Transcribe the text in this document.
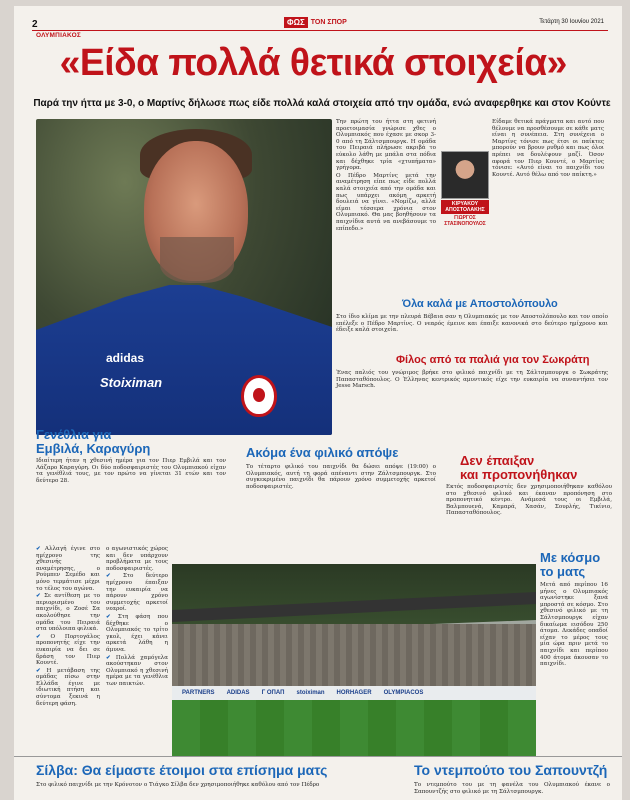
2	ΦΩΣ ΤΟΝ ΣΠΟΡ	Τετάρτη 30 Ιουνίου 2021
ΟΛΥΜΠΙΑΚΟΣ
«Είδα πολλά θετικά στοιχεία»
Παρά την ήττα με 3-0, ο Μαρτίνς δήλωσε πως είδε πολλά καλά στοιχεία από την ομάδα, ενώ αναφερθηκε και στον Κούντε
adidas
Stoiximan

Την πρώτη του ήττα στη φετινή προετοιμασία γνώρισε χθες ο Ολυμπιακός που έχασε με σκορ 3-0 από τη Σάλτσμπουργκ. Η ομάδα του Πειραιά πλήρωσε ακριβά το εύκολο λάθη με μπάλα στα πόδια και δέχθηκε τρία «χτυπήματα» γρήγορα.

Ο Πέδρο Μαρτίνς μετά την αναμέτρηση είπε πως είδε πολλά καλά στοιχεία από την ομάδα και πως υπάρχει ακόμη αρκετή δουλειά να γίνει. «Νομίζω, αλλά είμαι τέσσερα χρόνια στον Ολυμπιακό. Θα μας βοηθήσουν τα παιχνίδια αυτά να ανεβάσουμε το επίπεδο.»

ΚΙΡΥΑΚΟΥ ΑΠΟΣΤΟΛΑΚΗΣ
ΓΙΩΡΓΟΣ ΣΤΑΣΙΝΟΠΟΥΛΟΣ

Είδαμε θετικά πράγματα και αυτό που θέλουμε να προσθέσουμε σε κάθε ματς είναι η συνέπεια. Στη συνέχεια ο Μαρτίνς τόνισε πως έτσι οι παίκτες μπορούν να βρουν ρυθμό και πως όλοι πρέπει να δουλέψουν μαζί. Όσον αφορά τον Πιερ Κουντέ, ο Μαρτίνς τόνισε: «Αυτό είναι το παιχνίδι του Κουντέ. Αυτό θέλω από τον παίκτη.»

Όλα καλά με Αποστολόπουλο
Στο ίδιο κλίμα με την πλευρά Βέβαια σαν η Ολυμπιακός με τον Αποστολόπουλο και τον οποίο επέλεξε ο Πέδρο Μαρτίνς. Ο νεαρός έμεινε και έπαιξε κανονικά στο δεύτερο ημίχρονο και έδειξε καλά στοιχεία.
Φίλος από τα παλιά για τον Σωκράτη
Ένας παλιός του γνώριμος βρήκε στο φιλικό παιχνίδι με τη Σάλτσμπουργκ ο Σωκράτης Παπασταθόπουλος. Ο Έλληνας κεντρικός αμυντικός είχε την ευκαιρία να συναντήσει τον Jesse Marsch.
Γενέθλια για
Εμβιλά, Καραγύρη
Ιδιαίτερη ήταν η χθεσινή ημέρα για τον Πιερ Εμβιλά και τον Λάζαρο Καραγύρη. Οι δύο ποδοσφαιριστές του Ολυμπιακού είχαν τα γενέθλιά τους, με τον πρώτο να γίνεται 31 ετών και τον δεύτερο 28.
Ακόμα ένα φιλικό απόψε
Το τέταρτο φιλικό του παιχνίδι θα δώσει απόψε (19:00) ο Ολυμπιακός, αυτή τη φορά απέναντι στην Ζάλτσμπουργκ. Στο συγκεκριμένο παιχνίδι θα πάρουν χρόνο συμμετοχής αρκετοί ποδοσφαιριστές.
Δεν έπαιξαν
και προπονήθηκαν
Εκτός ποδοσφαιριστές δεν χρησιμοποιήθηκαν καθόλου στο χθεσινό φιλικό και έκαναν προπόνηση στο προπονητικό κέντρο. Ανάμεσά τους οι Εμβιλά, Βαλμπουενά, Καμαρά, Χασάν, Σουρλής, Τικίνιο, Παπασταθόπουλος.

✔ Αλλαγή έγινε στο ημίχρονο της χθεσινής αναμέτρησης, ο Ρούμπεν Σεμέδο και μόνο τερμάτισε μέχρι το τέλος του αγώνα.

✔ Σε αντίθεση με το περιορισμένο του παιχνίδι, ο Ζοσέ Σα ακολούθησε την ομάδα του Πειραιά στα υπόλοιπα φιλικά.

✔ Ο Πορτογάλος προπονητής είχε την ευκαιρία να δει σε δράση τον Πιερ Κουντέ.

✔ Η μετάβαση της ομάδας πίσω στην Ελλάδα έγινε με ιδιωτική πτήση και σύντομα ξεκινά η δεύτερη φάση.

ο αγωνιστικός χώρος και δεν υπάρχουν προβλήματα με τους ποδοσφαιριστές.

✔ Στο δεύτερο ημίχρονο έπαιξαν την ευκαιρία να πάρουν χρόνο συμμετοχής αρκετοί νεαροί.

✔ Στη φάση που δέχθηκε ο Ολυμπιακός το τρίτο γκολ, έχει κάνει αρκετά λάθη η άμυνα.

✔ Πολλά χαμόγελα ακούστηκαν στον Ολυμπιακό η χθεσινή ημέρα με τα γενέθλια των παικτών.

PARTNERS	ADIDAS	Γ ΟΠΑΠ	stoiximan	HORHAGER	OLYMPIACOS
Με κόσμο
το ματς
Μετά από περίπου 16 μήνες ο Ολυμπιακός αγωνίστηκε ξανά μπροστά σε κόσμο. Στο χθεσινό φιλικό με τη Σάλτσμπουργκ είχαν δικαίωμα εισόδου 250 άτομα. Δεκάδες οπαδοί είχαν το μέρος τους μία ώρα πριν μετά το παιχνίδι και περίπου 400 άτομα άκουσαν το παιχνίδι.
Σίλβα: Θα είμαστε έτοιμοι στα επίσημα ματς	Το ντεμπούτο του Σαπουντζή
Στο φιλικό παιχνίδι με την Κρόνοτον ο Τιάγκο Σίλβα δεν χρησιμοποιήθηκε καθόλου από τον Πέδρο	Το ντεμπούτο του με τη φανέλα του Ολυμπιακού έκανε ο Σαπουντζής στο φιλικό με τη Σάλτσμπουργκ.
